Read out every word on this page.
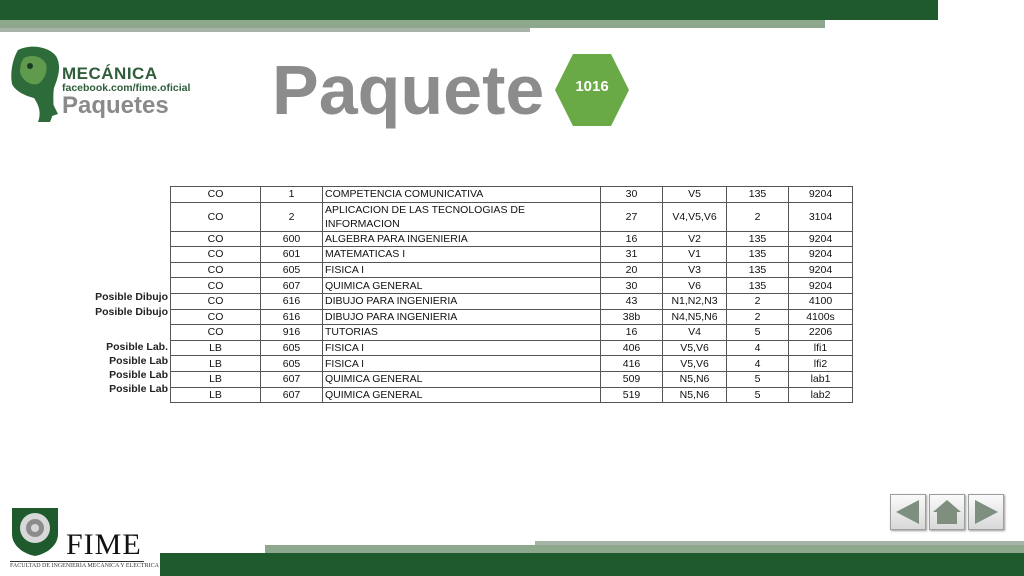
MECÁNICA
facebook.com/fime.oficial
Paquetes Paquete	1016
Posible Dibujo
Posible Dibujo
Posible Lab.
Posible Lab
Posible Lab
Posible Lab
CO	1	COMPETENCIA COMUNICATIVA	30	V5	135	9204
CO	2	APLICACION DE LAS TECNOLOGIAS DE INFORMACION	27	V4,V5,V6	2	3104
CO	600	ALGEBRA PARA INGENIERIA	16	V2	135	9204
CO	601	MATEMATICAS I	31	V1	135	9204
CO	605	FISICA I	20	V3	135	9204
CO	607	QUIMICA GENERAL	30	V6	135	9204
CO	616	DIBUJO PARA INGENIERIA	43	N1,N2,N3	2	4100
CO	616	DIBUJO PARA INGENIERIA	38b	N4,N5,N6	2	4100s
CO	916	TUTORIAS	16	V4	5	2206
LB	605	FISICA I	406	V5,V6	4	lfi1
LB	605	FISICA I	416	V5,V6	4	lfi2
LB	607	QUIMICA GENERAL	509	N5,N6	5	lab1
LB	607	QUIMICA GENERAL	519	N5,N6	5	lab2
FIME
FACULTAD DE INGENIERÍA MECÁNICA Y ELÉCTRICA
